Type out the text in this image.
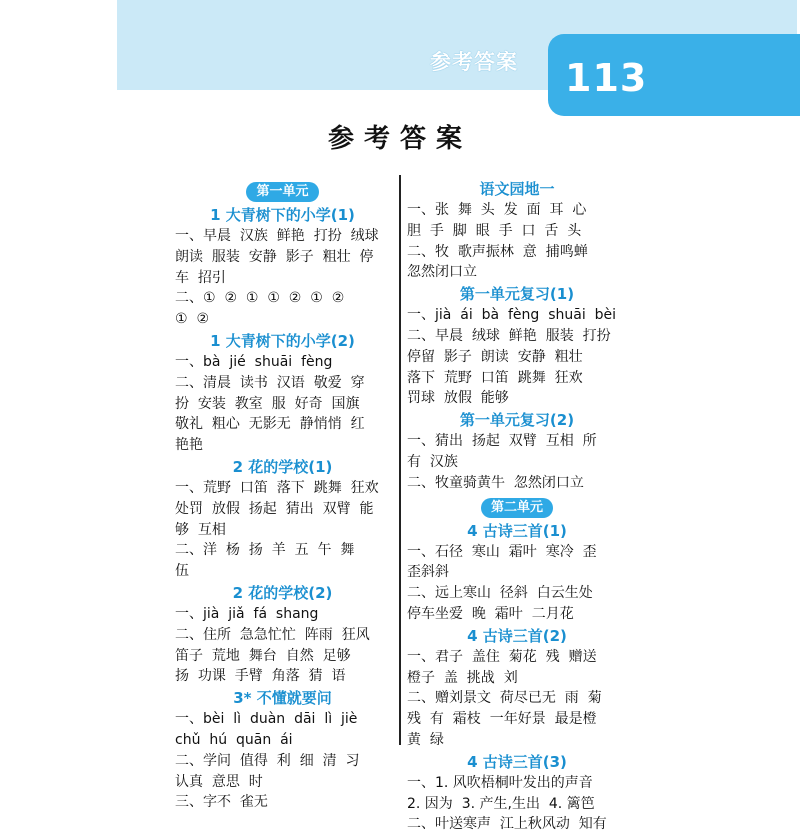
参考答案 113
参考答案
第一单元
1 大青树下的小学(1)
一、早晨  汉族  鲜艳  打扮  绒球
朗读  服装  安静  影子  粗壮  停
车  招引
二、①  ②  ①  ①  ②  ①  ②
①  ②
1 大青树下的小学(2)
一、bà  jié  shuāi  fèng
二、清晨  读书  汉语  敬爱  穿
扮  安装  教室  服  好奇  国旗
敬礼  粗心  无影无  静悄悄  红
艳艳
2 花的学校(1)
一、荒野  口笛  落下  跳舞  狂欢
处罚  放假  扬起  猜出  双臂  能
够  互相
二、洋  杨  扬  羊  五  午  舞
伍
2 花的学校(2)
一、jià  jiǎ  fá  shang
二、住所  急急忙忙  阵雨  狂风
笛子  荒地  舞台  自然  足够
扬  功课  手臂  角落  猜  语
3* 不懂就要问
一、bèi  lì  duàn  dāi  lì  jiè
chǔ  hú  quān  ái
二、学问  值得  利  细  清  习
认真  意思  时
三、字不  雀无
语文园地一
一、张  舞  头  发  面  耳  心
胆  手  脚  眼  手  口  舌  头
二、牧  歌声振林  意  捕鸣蝉
忽然闭口立
第一单元复习(1)
一、jià  ái  bà  fèng  shuāi  bèi
二、早晨  绒球  鲜艳  服装  打扮
停留  影子  朗读  安静  粗壮
落下  荒野  口笛  跳舞  狂欢
罚球  放假  能够
第一单元复习(2)
一、猜出  扬起  双臂  互相  所
有  汉族
二、牧童骑黄牛  忽然闭口立
第二单元
4 古诗三首(1)
一、石径  寒山  霜叶  寒冷  歪
歪斜斜
二、远上寒山  径斜  白云生处
停车坐爱  晚  霜叶  二月花
4 古诗三首(2)
一、君子  盖住  菊花  残  赠送
橙子  盖  挑战  刘
二、赠刘景文  荷尽已无  雨  菊
残  有  霜枝  一年好景  最是橙
黄  绿
4 古诗三首(3)
一、1. 风吹梧桐叶发出的声音
2. 因为  3. 产生,生出  4. 篱笆
二、叶送寒声  江上秋风动  知有
